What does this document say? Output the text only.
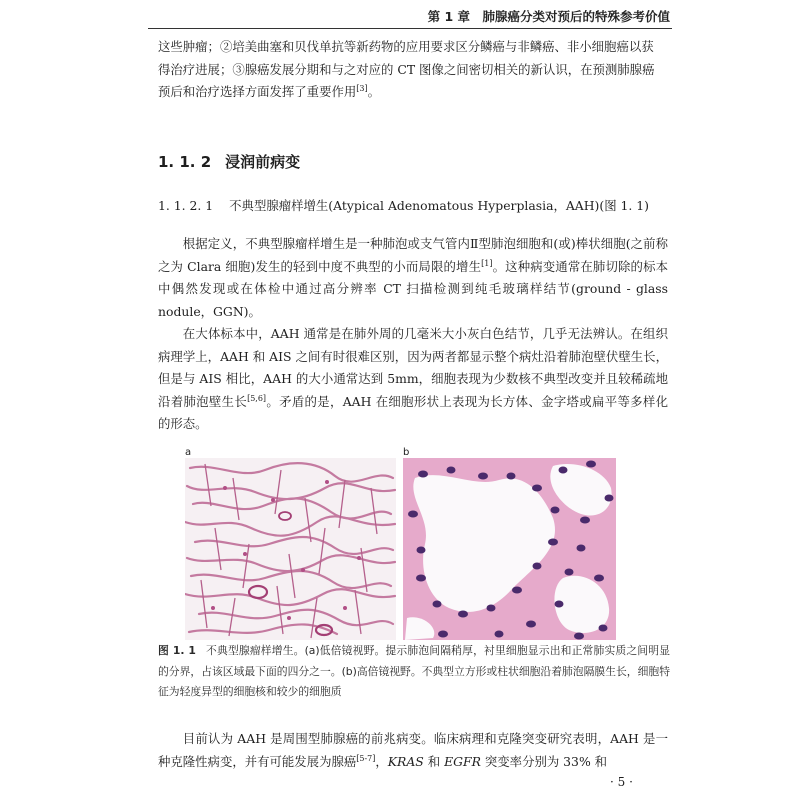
第 1 章　肺腺癌分类对预后的特殊参考价值

这些肿瘤；②培美曲塞和贝伐单抗等新药物的应用要求区分鳞癌与非鳞癌、非小细胞癌以获
得治疗进展；③腺癌发展分期和与之对应的 CT 图像之间密切相关的新认识，在预测肺腺癌
预后和治疗选择方面发挥了重要作用[3]。

1. 1. 2 浸润前病变
1. 1. 2. 1 不典型腺瘤样增生(Atypical Adenomatous Hyperplasia，AAH)(图 1. 1)

根据定义，不典型腺瘤样增生是一种肺泡或支气管内Ⅱ型肺泡细胞和(或)棒状细胞(之前称之为 Clara 细胞)发生的轻到中度不典型的小而局限的增生[1]。这种病变通常在肺切除的标本中偶然发现或在体检中通过高分辨率 CT 扫描检测到纯毛玻璃样结节(ground - glass nodule，GGN)。

在大体标本中，AAH 通常是在肺外周的几毫米大小灰白色结节，几乎无法辨认。在组织病理学上，AAH 和 AIS 之间有时很难区别，因为两者都显示整个病灶沿着肺泡壁伏壁生长，但是与 AIS 相比，AAH 的大小通常达到 5mm，细胞表现为少数核不典型改变并且较稀疏地沿着肺泡壁生长[5,6]。矛盾的是，AAH 在细胞形状上表现为长方体、金字塔或扁平等多样化的形态。

a	b

图 1. 1 不典型腺瘤样增生。(a)低倍镜视野。提示肺泡间隔稍厚，衬里细胞显示出和正常肺实质之间明显的分界，占该区域最下面的四分之一。(b)高倍镜视野。不典型立方形或柱状细胞沿着肺泡隔膜生长，细胞特征为轻度异型的细胞核和较少的细胞质

目前认为 AAH 是周围型肺腺癌的前兆病变。临床病理和克隆突变研究表明，AAH 是一种克隆性病变，并有可能发展为腺癌[5-7]，KRAS 和 EGFR 突变率分别为 33% 和

· 5 ·
